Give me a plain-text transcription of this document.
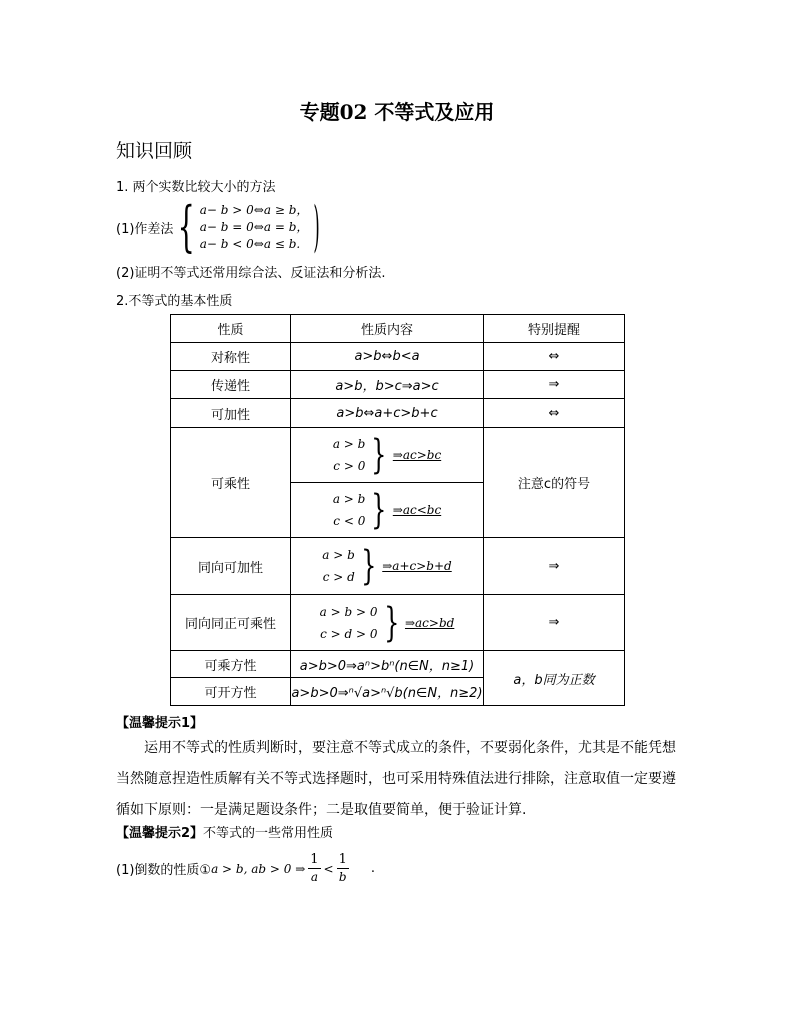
专题02 不等式及应用
知识回顾
1. 两个实数比较大小的方法
(1)作差法 { a− b > 0⇔a ≥ b，
a− b = 0⇔a = b，
a− b < 0⇔a ≤ b. )
(2)证明不等式还常用综合法、反证法和分析法.
2.不等式的基本性质
性质	性质内容	特别提醒
对称性	a>b⇔b<a	⇔
传递性	a>b，b>c⇒a>c	⇒
可加性	a>b⇔a+c>b+c	⇔
可乘性	a > b
c > 0 } ⇒ac>bc	注意c的符号

	a > b
c < 0 } ⇒ac<bc	

同向可加性	a > b
c > d } ⇒a+c>b+d	⇒
同向同正可乘性	a > b > 0
c > d > 0 } ⇒ac>bd	⇒
可乘方性	a>b>0⇒aⁿ>bⁿ(n∈N，n≥1)	a，b同为正数
可开方性	a>b>0⇒ⁿ√a>ⁿ√b(n∈N，n≥2)	
【温馨提示1】
运用不等式的性质判断时，要注意不等式成立的条件，不要弱化条件，尤其是不能凭想当然随意捏造性质解有关不等式选择题时，也可采用特殊值法进行排除，注意取值一定要遵循如下原则：一是满足题设条件；二是取值要简单，便于验证计算.
【温馨提示2】不等式的一些常用性质
(1)倒数的性质① a > b, ab > 0 ⇒ $\frac{1}{a} < \frac{1}{b}$ .
